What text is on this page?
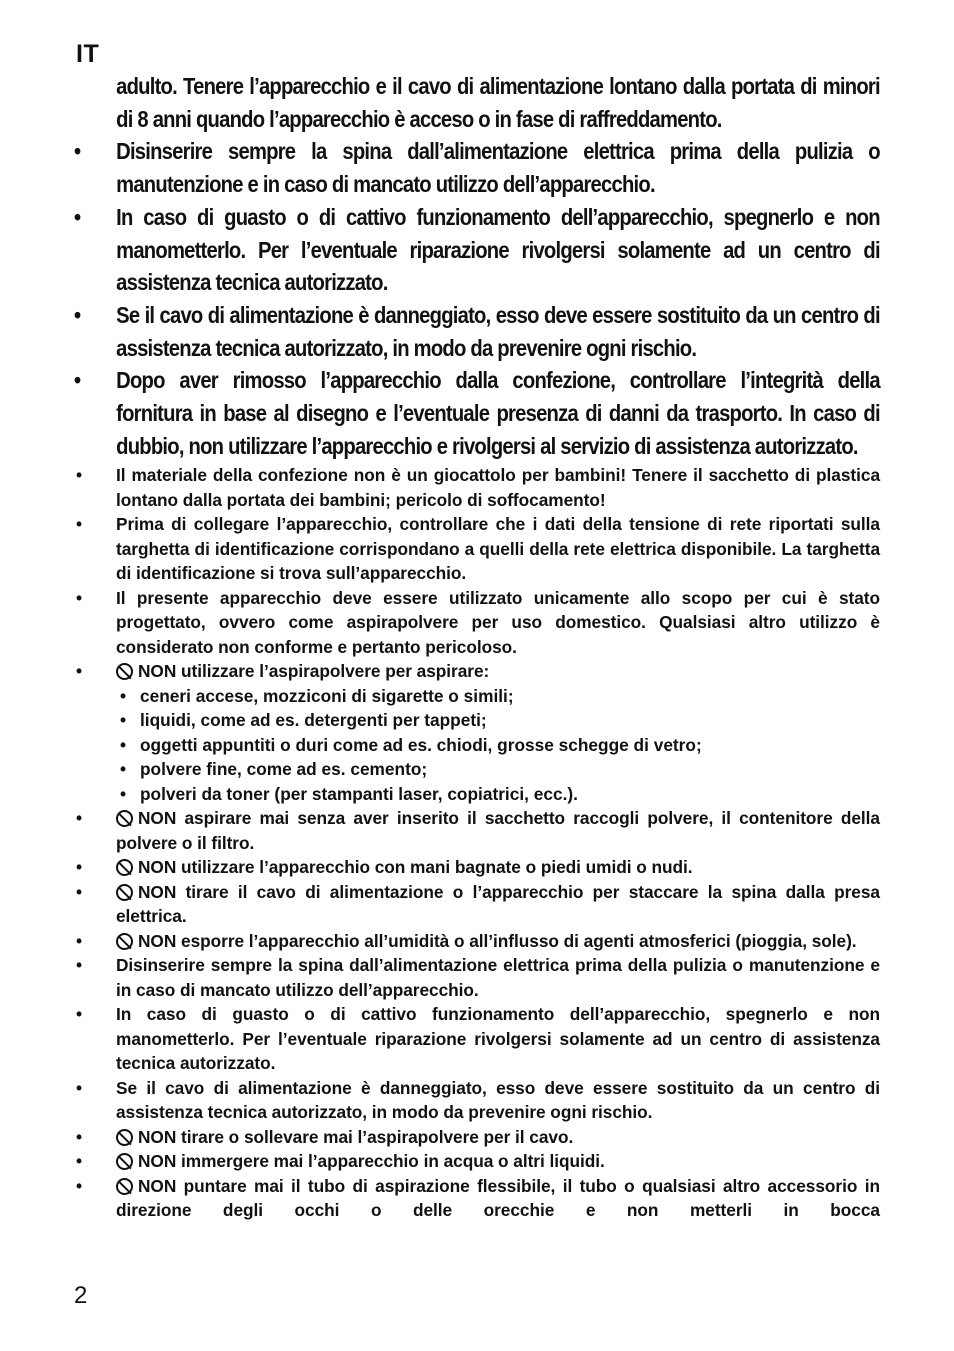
IT
adulto. Tenere l’apparecchio e il cavo di alimentazione lontano dalla portata di minori di 8 anni quando l’apparecchio è acceso o in fase di raffreddamento.
•	Disinserire sempre la spina dall’alimentazione elettrica prima della pulizia o manutenzione e in caso di mancato utilizzo dell’apparecchio.
•	In caso di guasto o di cattivo funzionamento dell’apparecchio, spegnerlo e non manometterlo. Per l’eventuale riparazione rivolgersi solamente ad un centro di assistenza tecnica autorizzato.
•	Se il cavo di alimentazione è danneggiato, esso deve essere sostituito da un centro di assistenza tecnica autorizzato, in modo da prevenire ogni rischio.
•	Dopo aver rimosso l’apparecchio dalla confezione, controllare l’integrità della fornitura in base al disegno e l’eventuale presenza di danni da trasporto. In caso di dubbio, non utilizzare l’apparecchio e rivolgersi al servizio di assistenza autorizzato.
•	Il materiale della confezione non è un giocattolo per bambini! Tenere il sacchetto di plastica lontano dalla portata dei bambini; pericolo di soffocamento!
•	Prima di collegare l’apparecchio, controllare che i dati della tensione di rete riportati sulla targhetta di identificazione corrispondano a quelli della rete elettrica disponibile. La targhetta di identificazione si trova sull’apparecchio.
•	Il presente apparecchio deve essere utilizzato unicamente allo scopo per cui è stato progettato, ovvero come aspirapolvere per uso domestico. Qualsiasi altro utilizzo è considerato non conforme e pertanto pericoloso.
•	NON utilizzare l’aspirapolvere per aspirare:
• ceneri accese, mozziconi di sigarette o simili;
• liquidi, come ad es. detergenti per tappeti;
• oggetti appuntiti o duri come ad es. chiodi, grosse schegge di vetro;
• polvere fine, come ad es. cemento;
• polveri da toner (per stampanti laser, copiatrici, ecc.).
•	NON aspirare mai senza aver inserito il sacchetto raccogli polvere, il contenitore della polvere o il filtro.
•	NON utilizzare l’apparecchio con mani bagnate o piedi umidi o nudi.
•	NON tirare il cavo di alimentazione o l’apparecchio per staccare la spina dalla presa elettrica.
•	NON esporre l’apparecchio all’umidità o all’influsso di agenti atmosferici (pioggia, sole).
•	Disinserire sempre la spina dall’alimentazione elettrica prima della pulizia o manutenzione e in caso di mancato utilizzo dell’apparecchio.
•	In caso di guasto o di cattivo funzionamento dell’apparecchio, spegnerlo e non manometterlo. Per l’eventuale riparazione rivolgersi solamente ad un centro di assistenza tecnica autorizzato.
•	Se il cavo di alimentazione è danneggiato, esso deve essere sostituito da un centro di assistenza tecnica autorizzato, in modo da prevenire ogni rischio.
•	NON tirare o sollevare mai l’aspirapolvere per il cavo.
•	NON immergere mai l’apparecchio in acqua o altri liquidi.
•	NON puntare mai il tubo di aspirazione flessibile, il tubo o qualsiasi altro accessorio in direzione degli occhi o delle orecchie e non metterli in bocca
2
